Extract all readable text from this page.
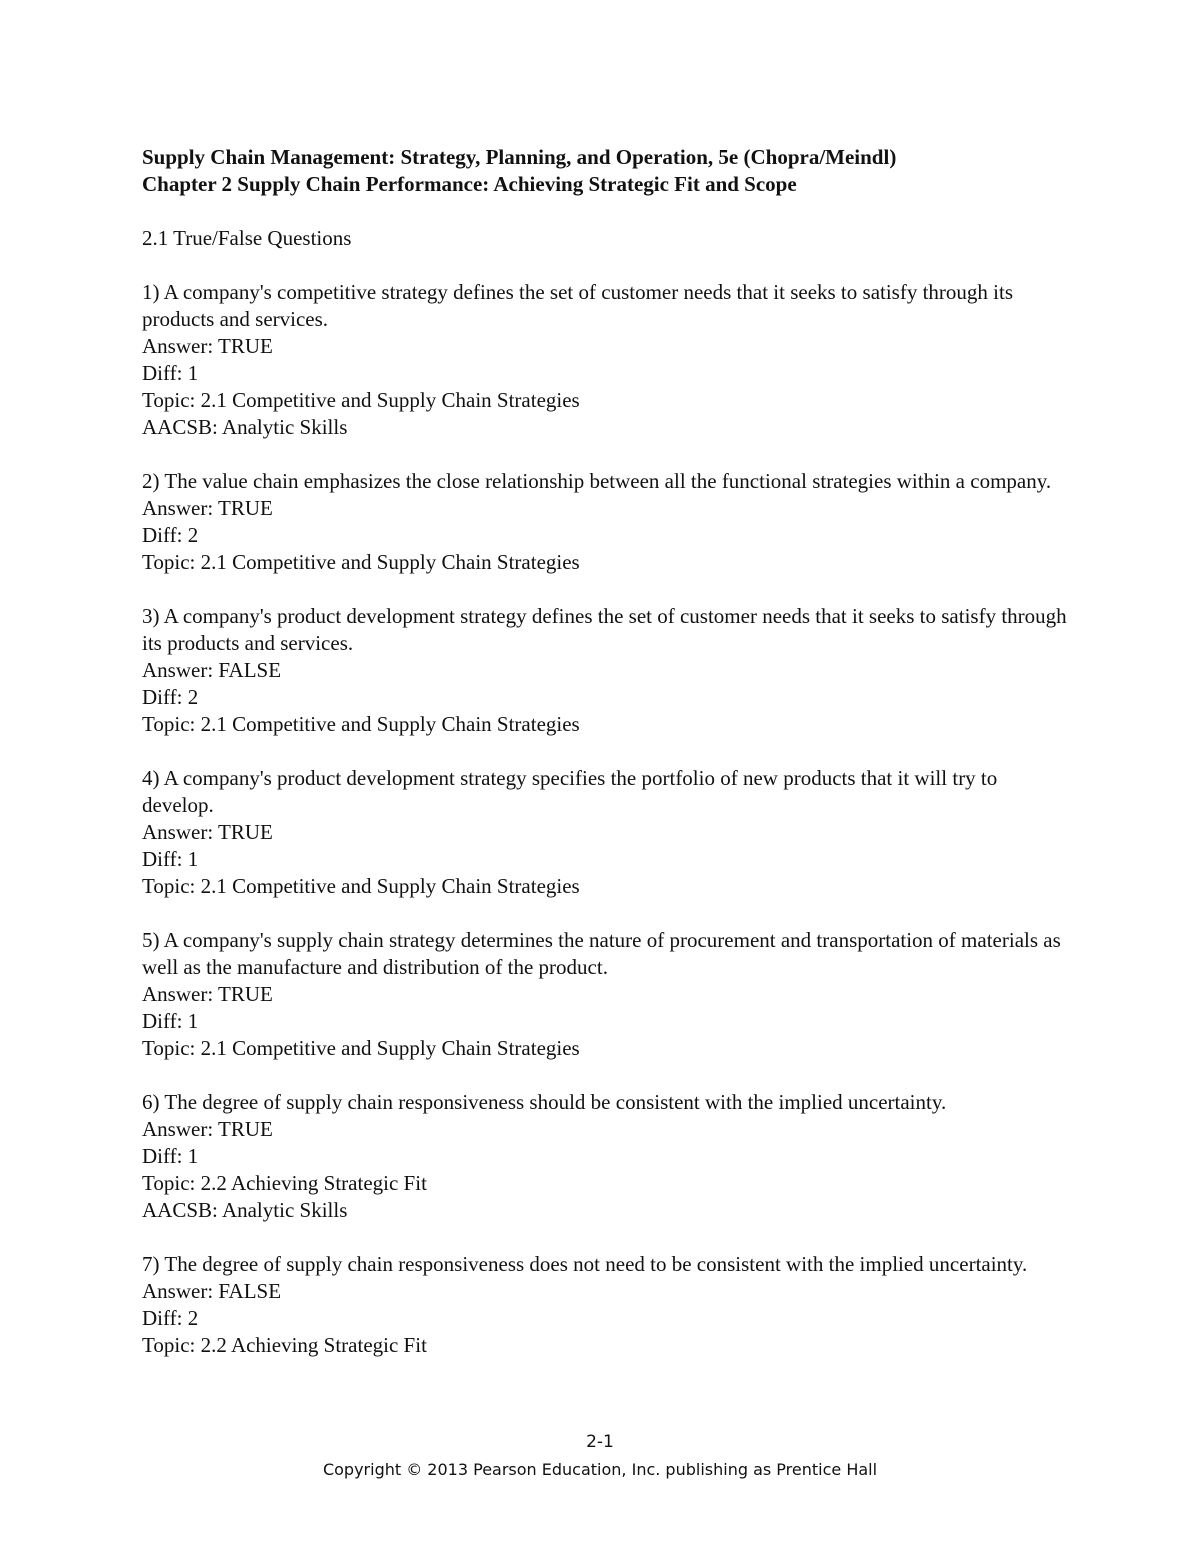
Supply Chain Management: Strategy, Planning, and Operation, 5e (Chopra/Meindl)
Chapter 2 Supply Chain Performance: Achieving Strategic Fit and Scope
2.1 True/False Questions
1) A company's competitive strategy defines the set of customer needs that it seeks to satisfy through its products and services.
Answer: TRUE
Diff: 1
Topic: 2.1 Competitive and Supply Chain Strategies
AACSB: Analytic Skills
2) The value chain emphasizes the close relationship between all the functional strategies within a company.
Answer: TRUE
Diff: 2
Topic: 2.1 Competitive and Supply Chain Strategies
3) A company's product development strategy defines the set of customer needs that it seeks to satisfy through its products and services.
Answer: FALSE
Diff: 2
Topic: 2.1 Competitive and Supply Chain Strategies
4) A company's product development strategy specifies the portfolio of new products that it will try to develop.
Answer: TRUE
Diff: 1
Topic: 2.1 Competitive and Supply Chain Strategies
5) A company's supply chain strategy determines the nature of procurement and transportation of materials as well as the manufacture and distribution of the product.
Answer: TRUE
Diff: 1
Topic: 2.1 Competitive and Supply Chain Strategies
6) The degree of supply chain responsiveness should be consistent with the implied uncertainty.
Answer: TRUE
Diff: 1
Topic: 2.2 Achieving Strategic Fit
AACSB: Analytic Skills
7) The degree of supply chain responsiveness does not need to be consistent with the implied uncertainty.
Answer: FALSE
Diff: 2
Topic: 2.2 Achieving Strategic Fit
2-1
Copyright © 2013 Pearson Education, Inc. publishing as Prentice Hall
